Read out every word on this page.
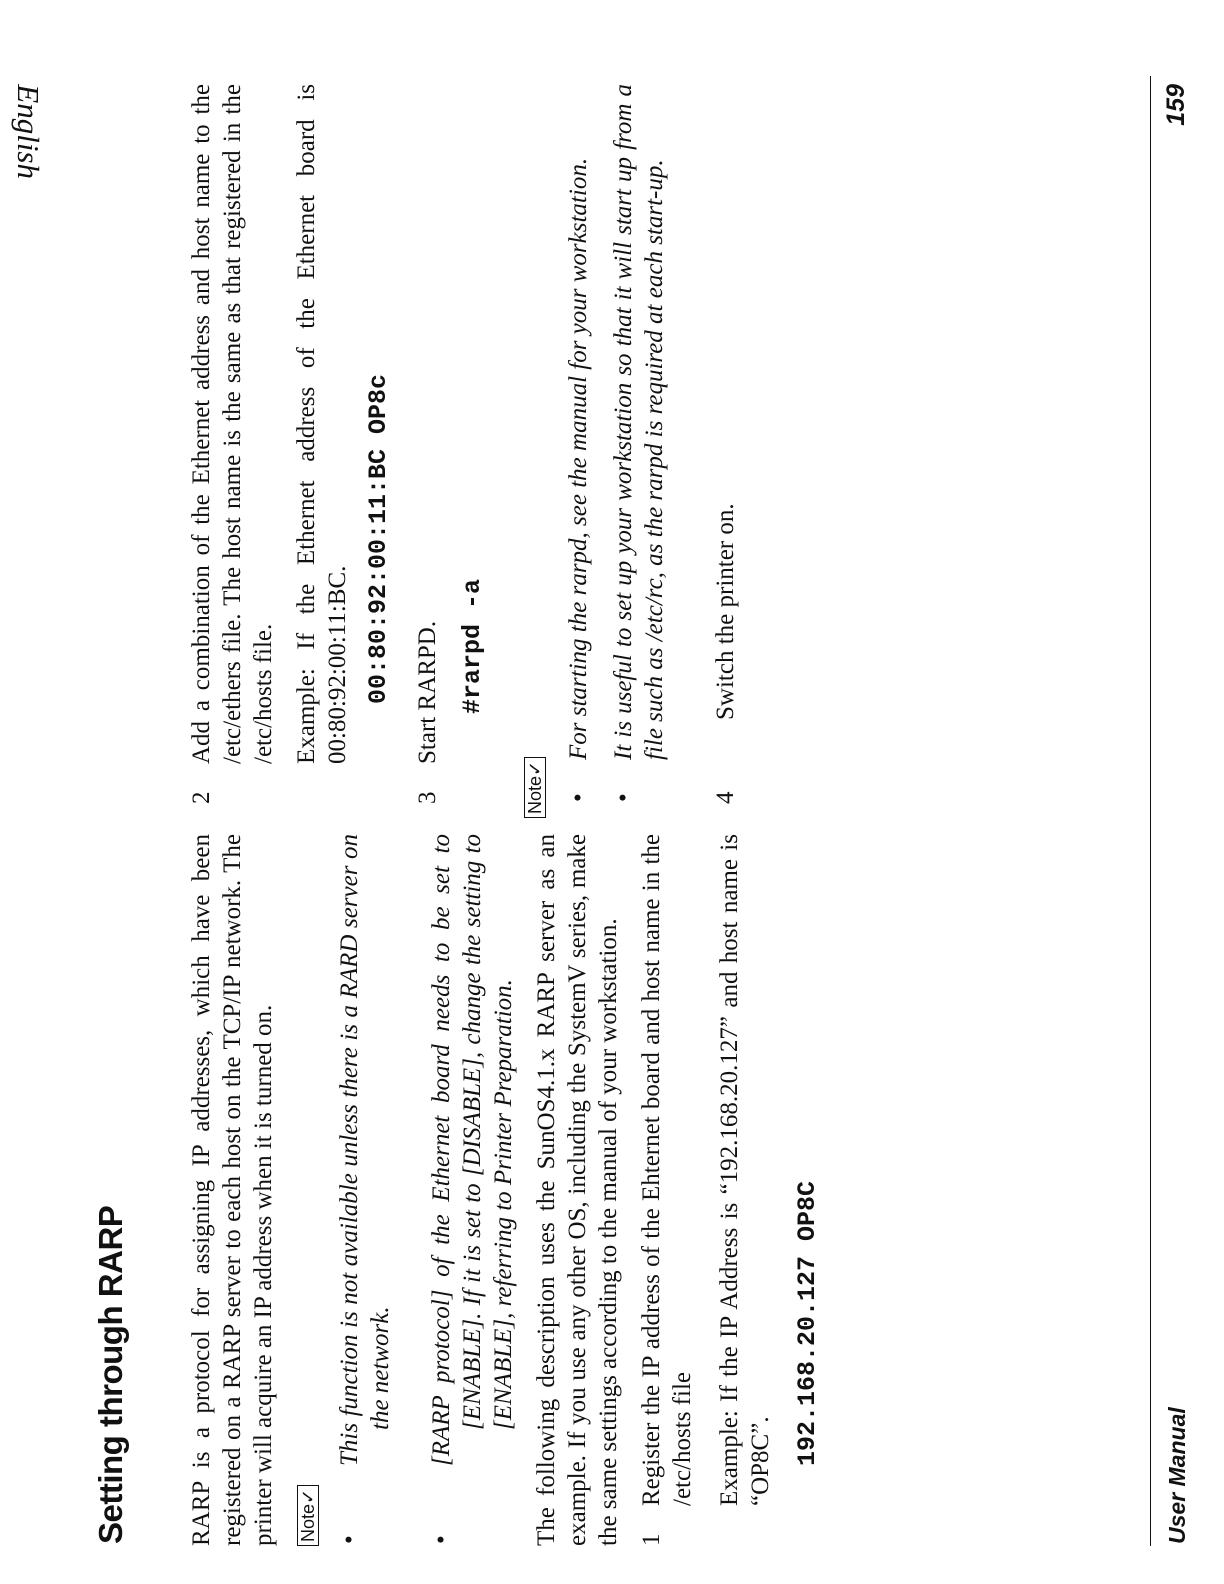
English
Setting through RARP RARP is a protocol for assigning IP addresses, which have been registered on a RARP server to each host on the TCP/IP network. The printer will acquire an IP address when it is turned on.	Note✓

• This function is not available unless there is a RARD server on the network. • [RARP protocol] of the Ethernet board needs to be set to [ENABLE]. If it is set to [DISABLE], change the setting to [ENABLE], referring to Printer Preparation. The following description uses the SunOS4.1.x RARP server as an example. If you use any other OS, including the SystemV series, make the same settings according to the manual of your workstation. 1

Register the IP address of the Ehternet board and host name in the /etc/hosts file Example: If the IP Address is “192.168.20.127” and host name is “OP8C”. 192.168.20.127 OP8C
2

Add a combination of the Ethernet address and host name to the /etc/ethers file. The host name is the same as that registered in the /etc/hosts file. Example: If the Ethernet address of the Ethernet board is 00:80:92:00:11:BC. 00:80:92:00:11:BC OP8c
3

Start RARPD. #rarpd -a
Note✓

• For starting the rarpd, see the manual for your workstation. • It is useful to set up your workstation so that it will start up from a file such as /etc/rc, as the rarpd is required at each start-up.

4

Switch the printer on.

User Manual
159
